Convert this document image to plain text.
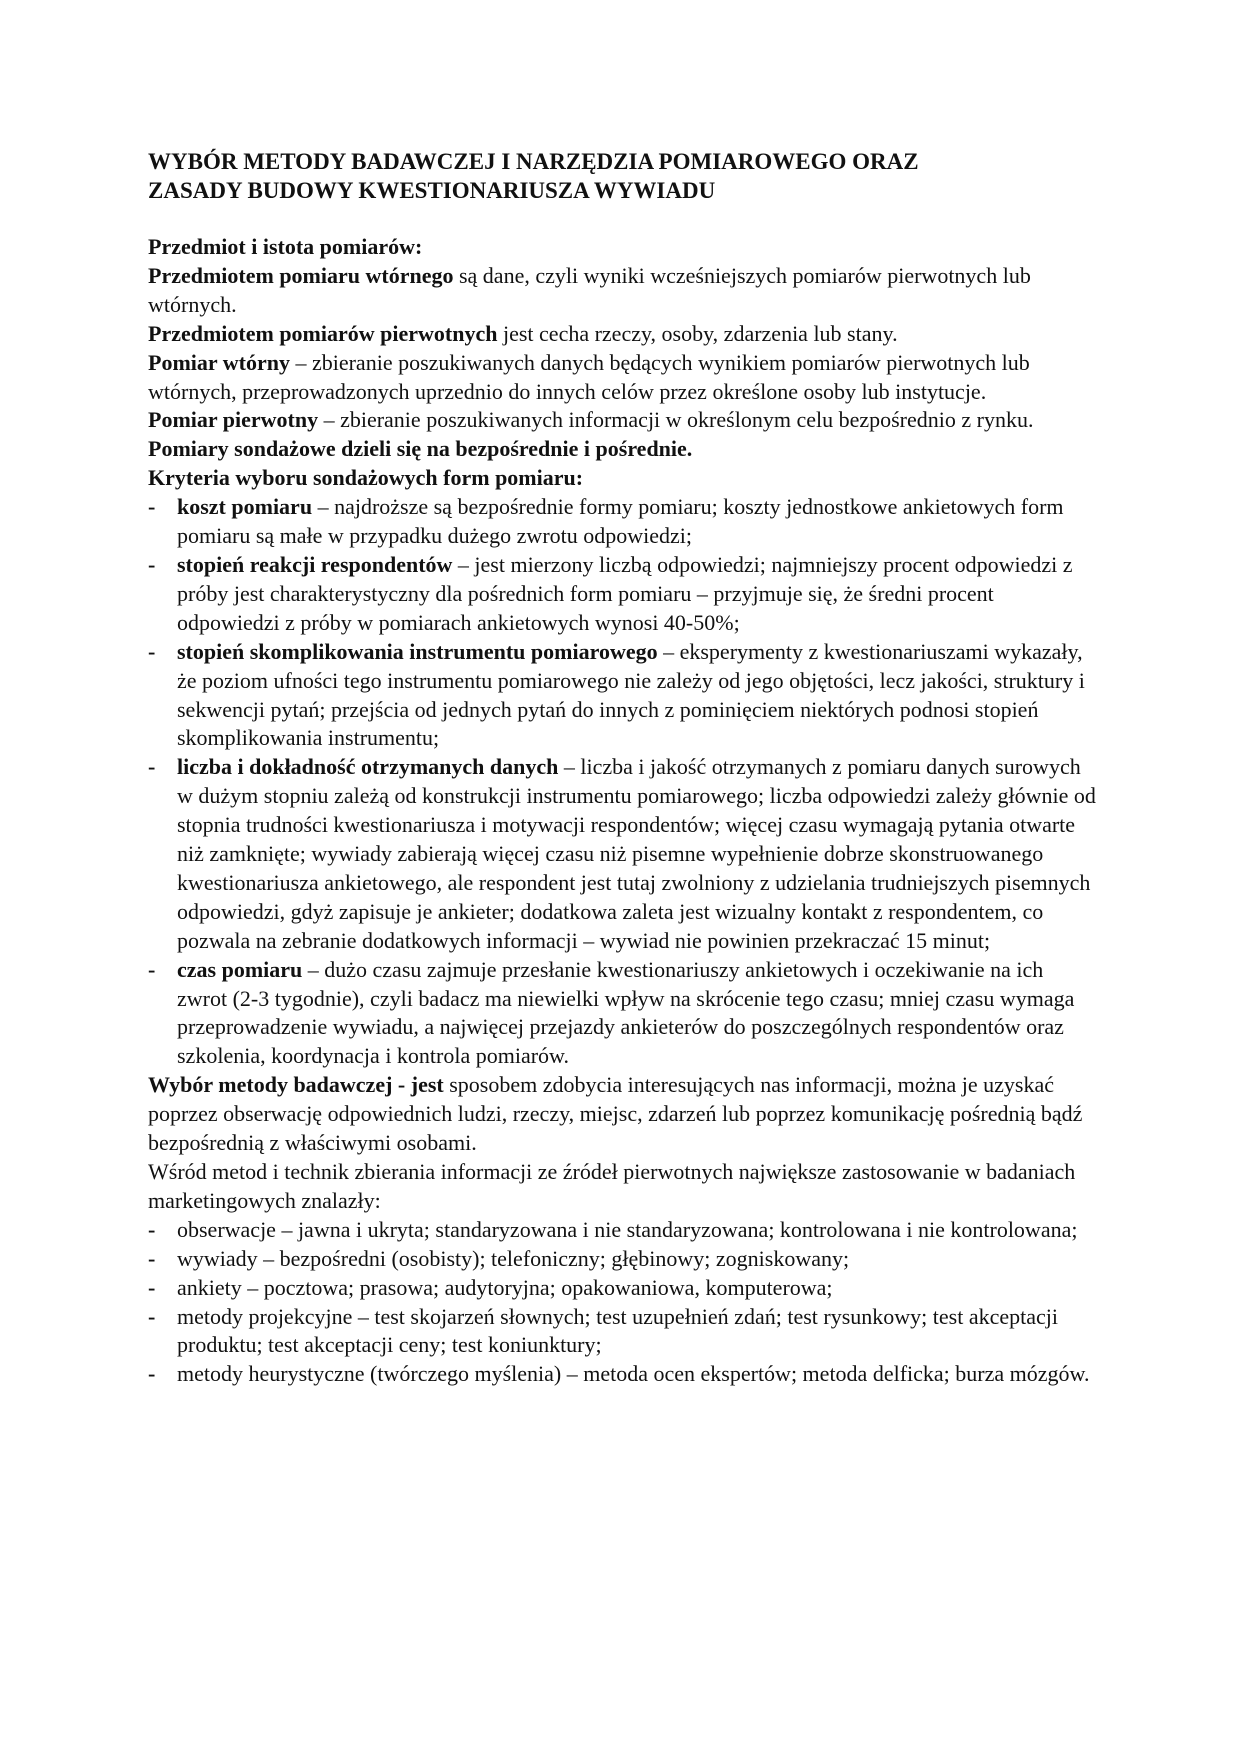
WYBÓR METODY BADAWCZEJ I NARZĘDZIA POMIAROWEGO ORAZ
ZASADY BUDOWY KWESTIONARIUSZA WYWIADU

Przedmiot i istota pomiarów:

Przedmiotem pomiaru wtórnego są dane, czyli wyniki wcześniejszych pomiarów pierwotnych lub wtórnych.

Przedmiotem pomiarów pierwotnych jest cecha rzeczy, osoby, zdarzenia lub stany.

Pomiar wtórny – zbieranie poszukiwanych danych będących wynikiem pomiarów pierwotnych lub wtórnych, przeprowadzonych uprzednio do innych celów przez określone osoby lub instytucje.

Pomiar pierwotny – zbieranie poszukiwanych informacji w określonym celu bezpośrednio z rynku.

Pomiary sondażowe dzieli się na bezpośrednie i pośrednie.

Kryteria wyboru sondażowych form pomiaru:

- koszt pomiaru – najdroższe są bezpośrednie formy pomiaru; koszty jednostkowe ankietowych form pomiaru są małe w przypadku dużego zwrotu odpowiedzi;
- stopień reakcji respondentów – jest mierzony liczbą odpowiedzi; najmniejszy procent odpowiedzi z próby jest charakterystyczny dla pośrednich form pomiaru – przyjmuje się, że średni procent odpowiedzi z próby w pomiarach ankietowych wynosi 40-50%;
- stopień skomplikowania instrumentu pomiarowego – eksperymenty z kwestionariuszami wykazały, że poziom ufności tego instrumentu pomiarowego nie zależy od jego objętości, lecz jakości, struktury i sekwencji pytań; przejścia od jednych pytań do innych z pominięciem niektórych podnosi stopień skomplikowania instrumentu;
- liczba i dokładność otrzymanych danych – liczba i jakość otrzymanych z pomiaru danych surowych w dużym stopniu zależą od konstrukcji instrumentu pomiarowego; liczba odpowiedzi zależy głównie od stopnia trudności kwestionariusza i motywacji respondentów; więcej czasu wymagają pytania otwarte niż zamknięte; wywiady zabierają więcej czasu niż pisemne wypełnienie dobrze skonstruowanego kwestionariusza ankietowego, ale respondent jest tutaj zwolniony z udzielania trudniejszych pisemnych odpowiedzi, gdyż zapisuje je ankieter; dodatkowa zaleta jest wizualny kontakt z respondentem, co pozwala na zebranie dodatkowych informacji – wywiad nie powinien przekraczać 15 minut;
- czas pomiaru – dużo czasu zajmuje przesłanie kwestionariuszy ankietowych i oczekiwanie na ich zwrot (2-3 tygodnie), czyli badacz ma niewielki wpływ na skrócenie tego czasu; mniej czasu wymaga przeprowadzenie wywiadu, a najwięcej przejazdy ankieterów do poszczególnych respondentów oraz szkolenia, koordynacja i kontrola pomiarów.

Wybór metody badawczej - jest sposobem zdobycia interesujących nas informacji, można je uzyskać poprzez obserwację odpowiednich ludzi, rzeczy, miejsc, zdarzeń lub poprzez komunikację pośrednią bądź bezpośrednią z właściwymi osobami.

Wśród metod i technik zbierania informacji ze źródeł pierwotnych największe zastosowanie w badaniach marketingowych znalazły:

- obserwacje – jawna i ukryta; standaryzowana i nie standaryzowana; kontrolowana i nie kontrolowana;
- wywiady – bezpośredni (osobisty); telefoniczny; głębinowy; zogniskowany;
- ankiety – pocztowa; prasowa; audytoryjna; opakowaniowa, komputerowa;
- metody projekcyjne – test skojarzeń słownych; test uzupełnień zdań; test rysunkowy; test akceptacji produktu; test akceptacji ceny; test koniunktury;
- metody heurystyczne (twórczego myślenia) – metoda ocen ekspertów; metoda delficka; burza mózgów.
